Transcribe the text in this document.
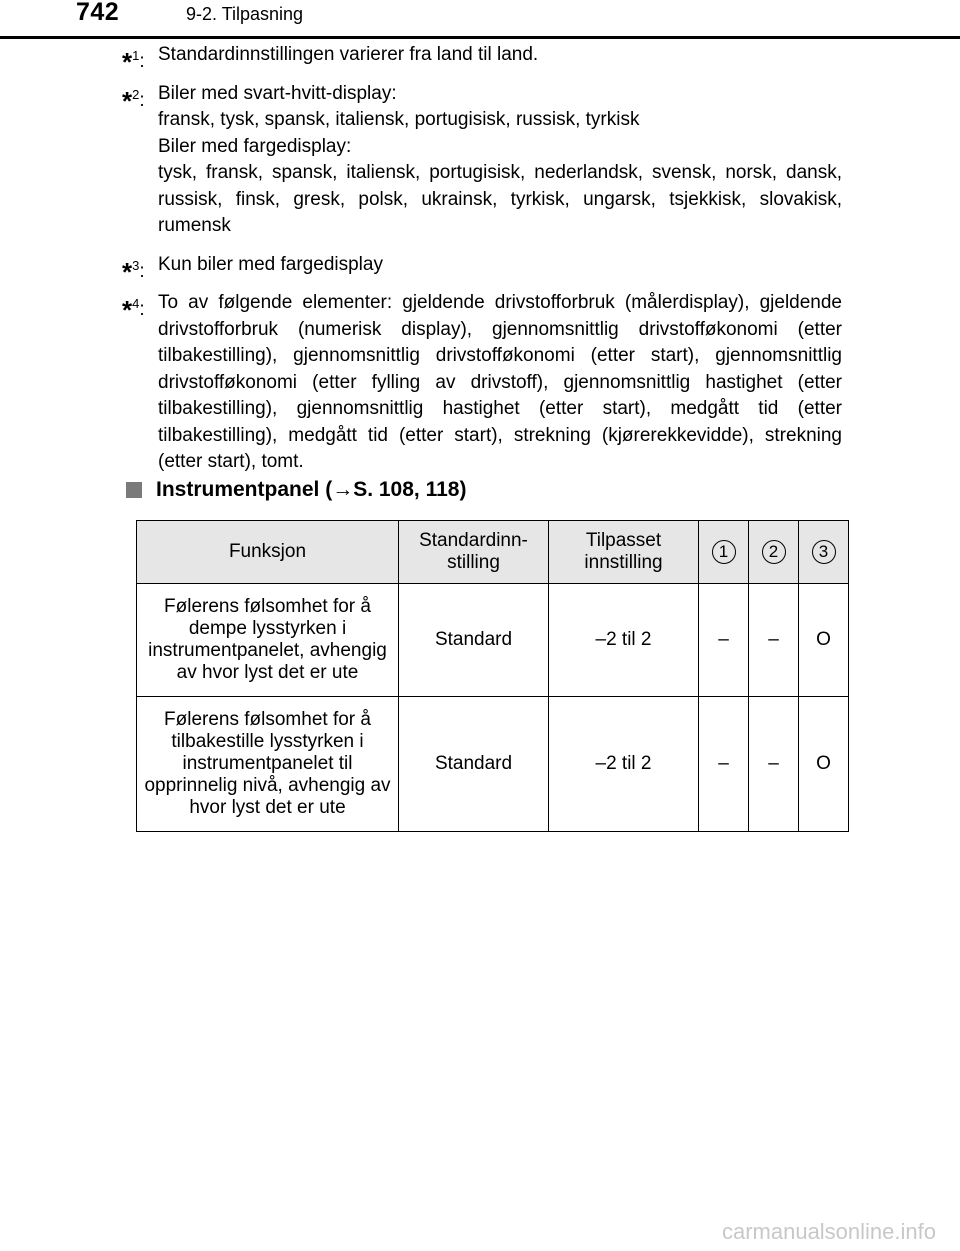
742	9-2. Tilpasning
*$^1$: Standardinnstillingen varierer fra land til land.

*$^2$: Biler med svart-hvitt-display:

fransk, tysk, spansk, italiensk, portugisisk, russisk, tyrkisk

Biler med fargedisplay:

tysk, fransk, spansk, italiensk, portugisisk, nederlandsk, svensk, norsk, dansk, russisk, finsk, gresk, polsk, ukrainsk, tyrkisk, ungarsk, tsjekkisk, slovakisk, rumensk

*$^3$: Kun biler med fargedisplay

*$^4$: To av følgende elementer: gjeldende drivstofforbruk (målerdisplay), gjeldende drivstofforbruk (numerisk display), gjennomsnittlig drivstofføkonomi (etter tilbakestilling), gjennomsnittlig drivstofføkonomi (etter start), gjennomsnittlig drivstofføkonomi (etter fylling av drivstoff), gjennomsnittlig hastighet (etter tilbakestilling), gjennomsnittlig hastighet (etter start), medgått tid (etter tilbakestilling), medgått tid (etter start), strekning (kjørerekkevidde), strekning (etter start), tomt.

Instrumentpanel ( → S. 108, 118)
Funksjon	Standardinn-stilling	Tilpasset innstilling	1	2	3
Følerens følsomhet for å dempe lysstyrken i instrumentpanelet, avhengig av hvor lyst det er ute	Standard	–2 til 2	–	–	O
Følerens følsomhet for å tilbakestille lysstyrken i instrumentpanelet til opprinnelig nivå, avhengig av hvor lyst det er ute	Standard	–2 til 2	–	–	O
carmanualsonline.info
